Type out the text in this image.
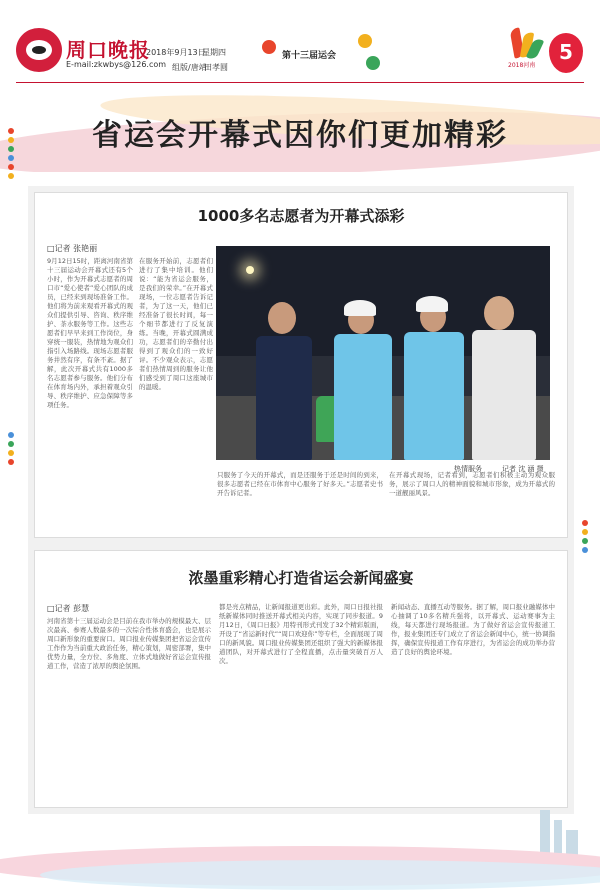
周口晚报
E-mail:zkwbys@126.com
2018年9月13日
星期四
组版/唐靖
田孝圆
第十三届运会
2018河南
5
省运会开幕式因你们更加精彩
1000多名志愿者为开幕式添彩
□记者 张艳丽
9月12日15时，距离河南省第十三届运动会开幕式还有5个小时，作为开幕式志愿者的周口市“爱心使者”爱心团队的成员，已经来到现场准备工作。他们将为前来观看开幕式的观众们提供引导、咨询、秩序维护、茶水服务等工作。这些志愿者们早早来到工作岗位，身穿统一服装，热情地为观众们指引入场路线。现场志愿者服务井然有序，有条不紊。据了解，此次开幕式共有1000多名志愿者参与服务。他们分布在体育场内外，承担着观众引导、秩序维护、应急保障等多项任务。
在服务开始前，志愿者们进行了集中培训。他们说：“能为省运会服务，是我们的荣幸。”在开幕式现场，一位志愿者告诉记者，为了这一天，他们已经准备了很长时间，每一个细节都进行了反复演练。当晚，开幕式圆满成功，志愿者们的辛勤付出得到了观众们的一致好评。不少观众表示，志愿者们热情周到的服务让他们感受到了周口这座城市的温暖。
只服务了今天的开幕式，而是还服务于还是时间的到来，很多志愿者已经在市体育中心服务了好多天。”志愿者史书开告诉记者。
在开幕式现场，记者看到，志愿者们积极主动为观众服务，展示了周口人的精神面貌和城市形象，成为开幕式的一道靓丽风景。
热情服务	记者 沈 涵 摄
浓墨重彩精心打造省运会新闻盛宴
□记者 彭慧
河南省第十三届运动会是目前在我市举办的规模最大、层次最高、参赛人数最多的一次综合性体育盛会，也是展示周口新形象的重要窗口。周口报业传媒集团把省运会宣传工作作为当前重大政治任务，精心策划，周密部署，集中优势力量，全方位、多角度、立体式地做好省运会宣传报道工作，营造了浓厚的舆论氛围。
都是亮点精品，让新闻报道更出彩。此外，周口日报社报纸新媒体同时推送开幕式相关内容，实现了同步报道。9月12日，《周口日报》用特刊形式刊发了32个精彩版面，开设了“省运新时代”“周口欢迎你”等专栏，全面展现了周口的新风貌。周口报业传媒集团还组织了强大的新媒体报道团队，对开幕式进行了全程直播，点击量突破百万人次。
新闻动态、直播互动等服务。据了解，周口报业融媒体中心抽调了10多名精兵强将，以开幕式、运动赛事为主线，每天都进行现场报道。为了做好省运会宣传报道工作，报业集团还专门成立了省运会新闻中心，统一协调指挥，确保宣传报道工作有序进行，为省运会的成功举办营造了良好的舆论环境。
